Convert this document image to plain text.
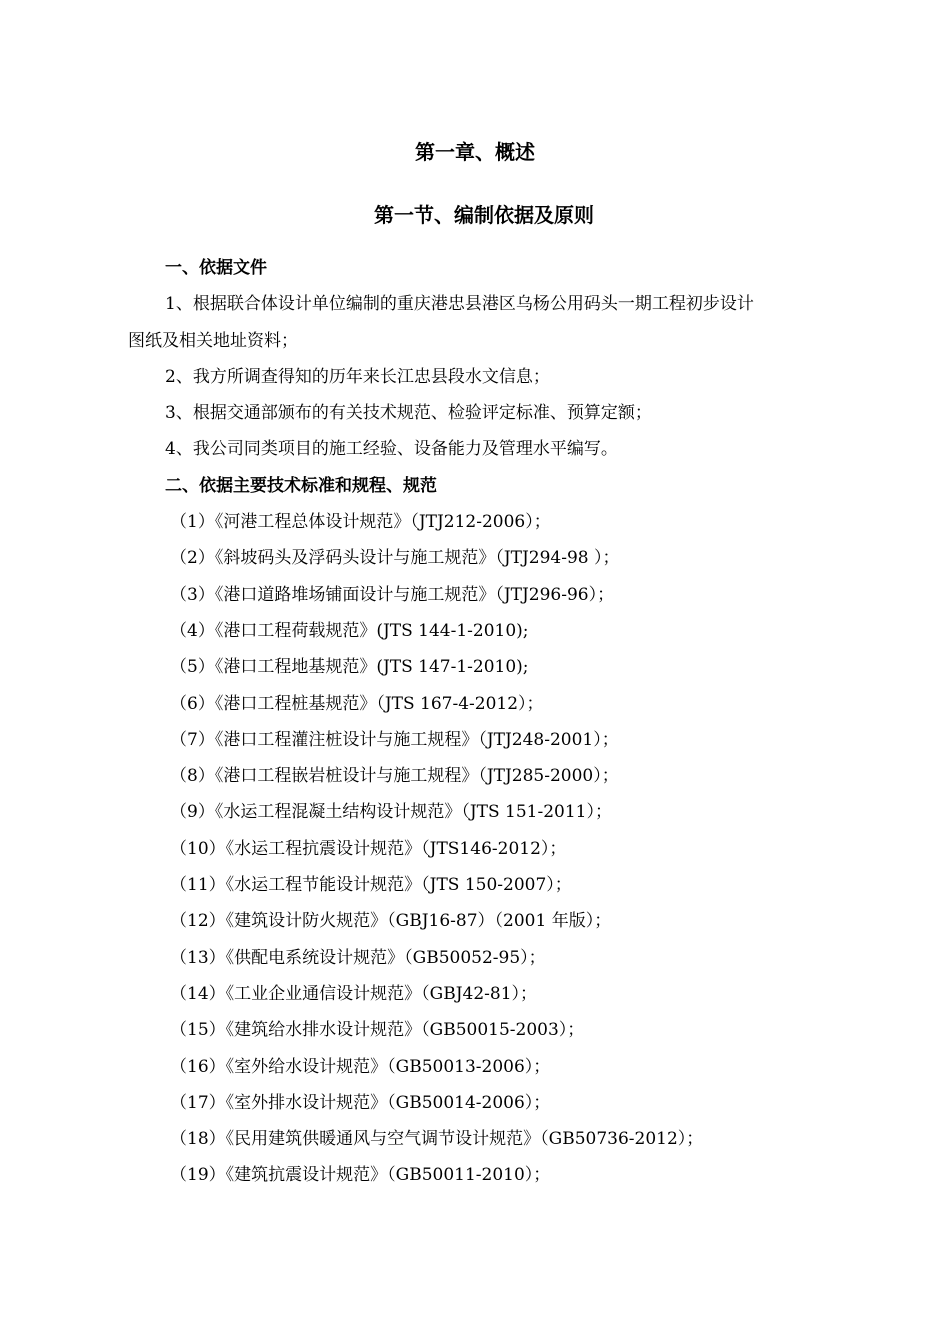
第一章、概述
第一节、编制依据及原则
一、依据文件
1、根据联合体设计单位编制的重庆港忠县港区乌杨公用码头一期工程初步设计
图纸及相关地址资料；
2、我方所调查得知的历年来长江忠县段水文信息；
3、根据交通部颁布的有关技术规范、检验评定标准、预算定额；
4、我公司同类项目的施工经验、设备能力及管理水平编写。
二、依据主要技术标准和规程、规范
（1）《河港工程总体设计规范》（JTJ212-2006）；
（2）《斜坡码头及浮码头设计与施工规范》（JTJ294-98 ）；
（3）《港口道路堆场铺面设计与施工规范》（JTJ296-96）；
（4）《港口工程荷载规范》(JTS 144-1-2010);
（5）《港口工程地基规范》(JTS 147-1-2010);
（6）《港口工程桩基规范》（JTS 167-4-2012）；
（7）《港口工程灌注桩设计与施工规程》（JTJ248-2001）；
（8）《港口工程嵌岩桩设计与施工规程》（JTJ285-2000）；
（9）《水运工程混凝土结构设计规范》（JTS 151-2011）；
（10）《水运工程抗震设计规范》（JTS146-2012）；
（11）《水运工程节能设计规范》（JTS 150-2007）；
（12）《建筑设计防火规范》（GBJ16-87）（2001 年版）；
（13）《供配电系统设计规范》（GB50052-95）；
（14）《工业企业通信设计规范》（GBJ42-81）；
（15）《建筑给水排水设计规范》（GB50015-2003）；
（16）《室外给水设计规范》（GB50013-2006）；
（17）《室外排水设计规范》（GB50014-2006）；
（18）《民用建筑供暖通风与空气调节设计规范》（GB50736-2012）；
（19）《建筑抗震设计规范》（GB50011-2010）；
